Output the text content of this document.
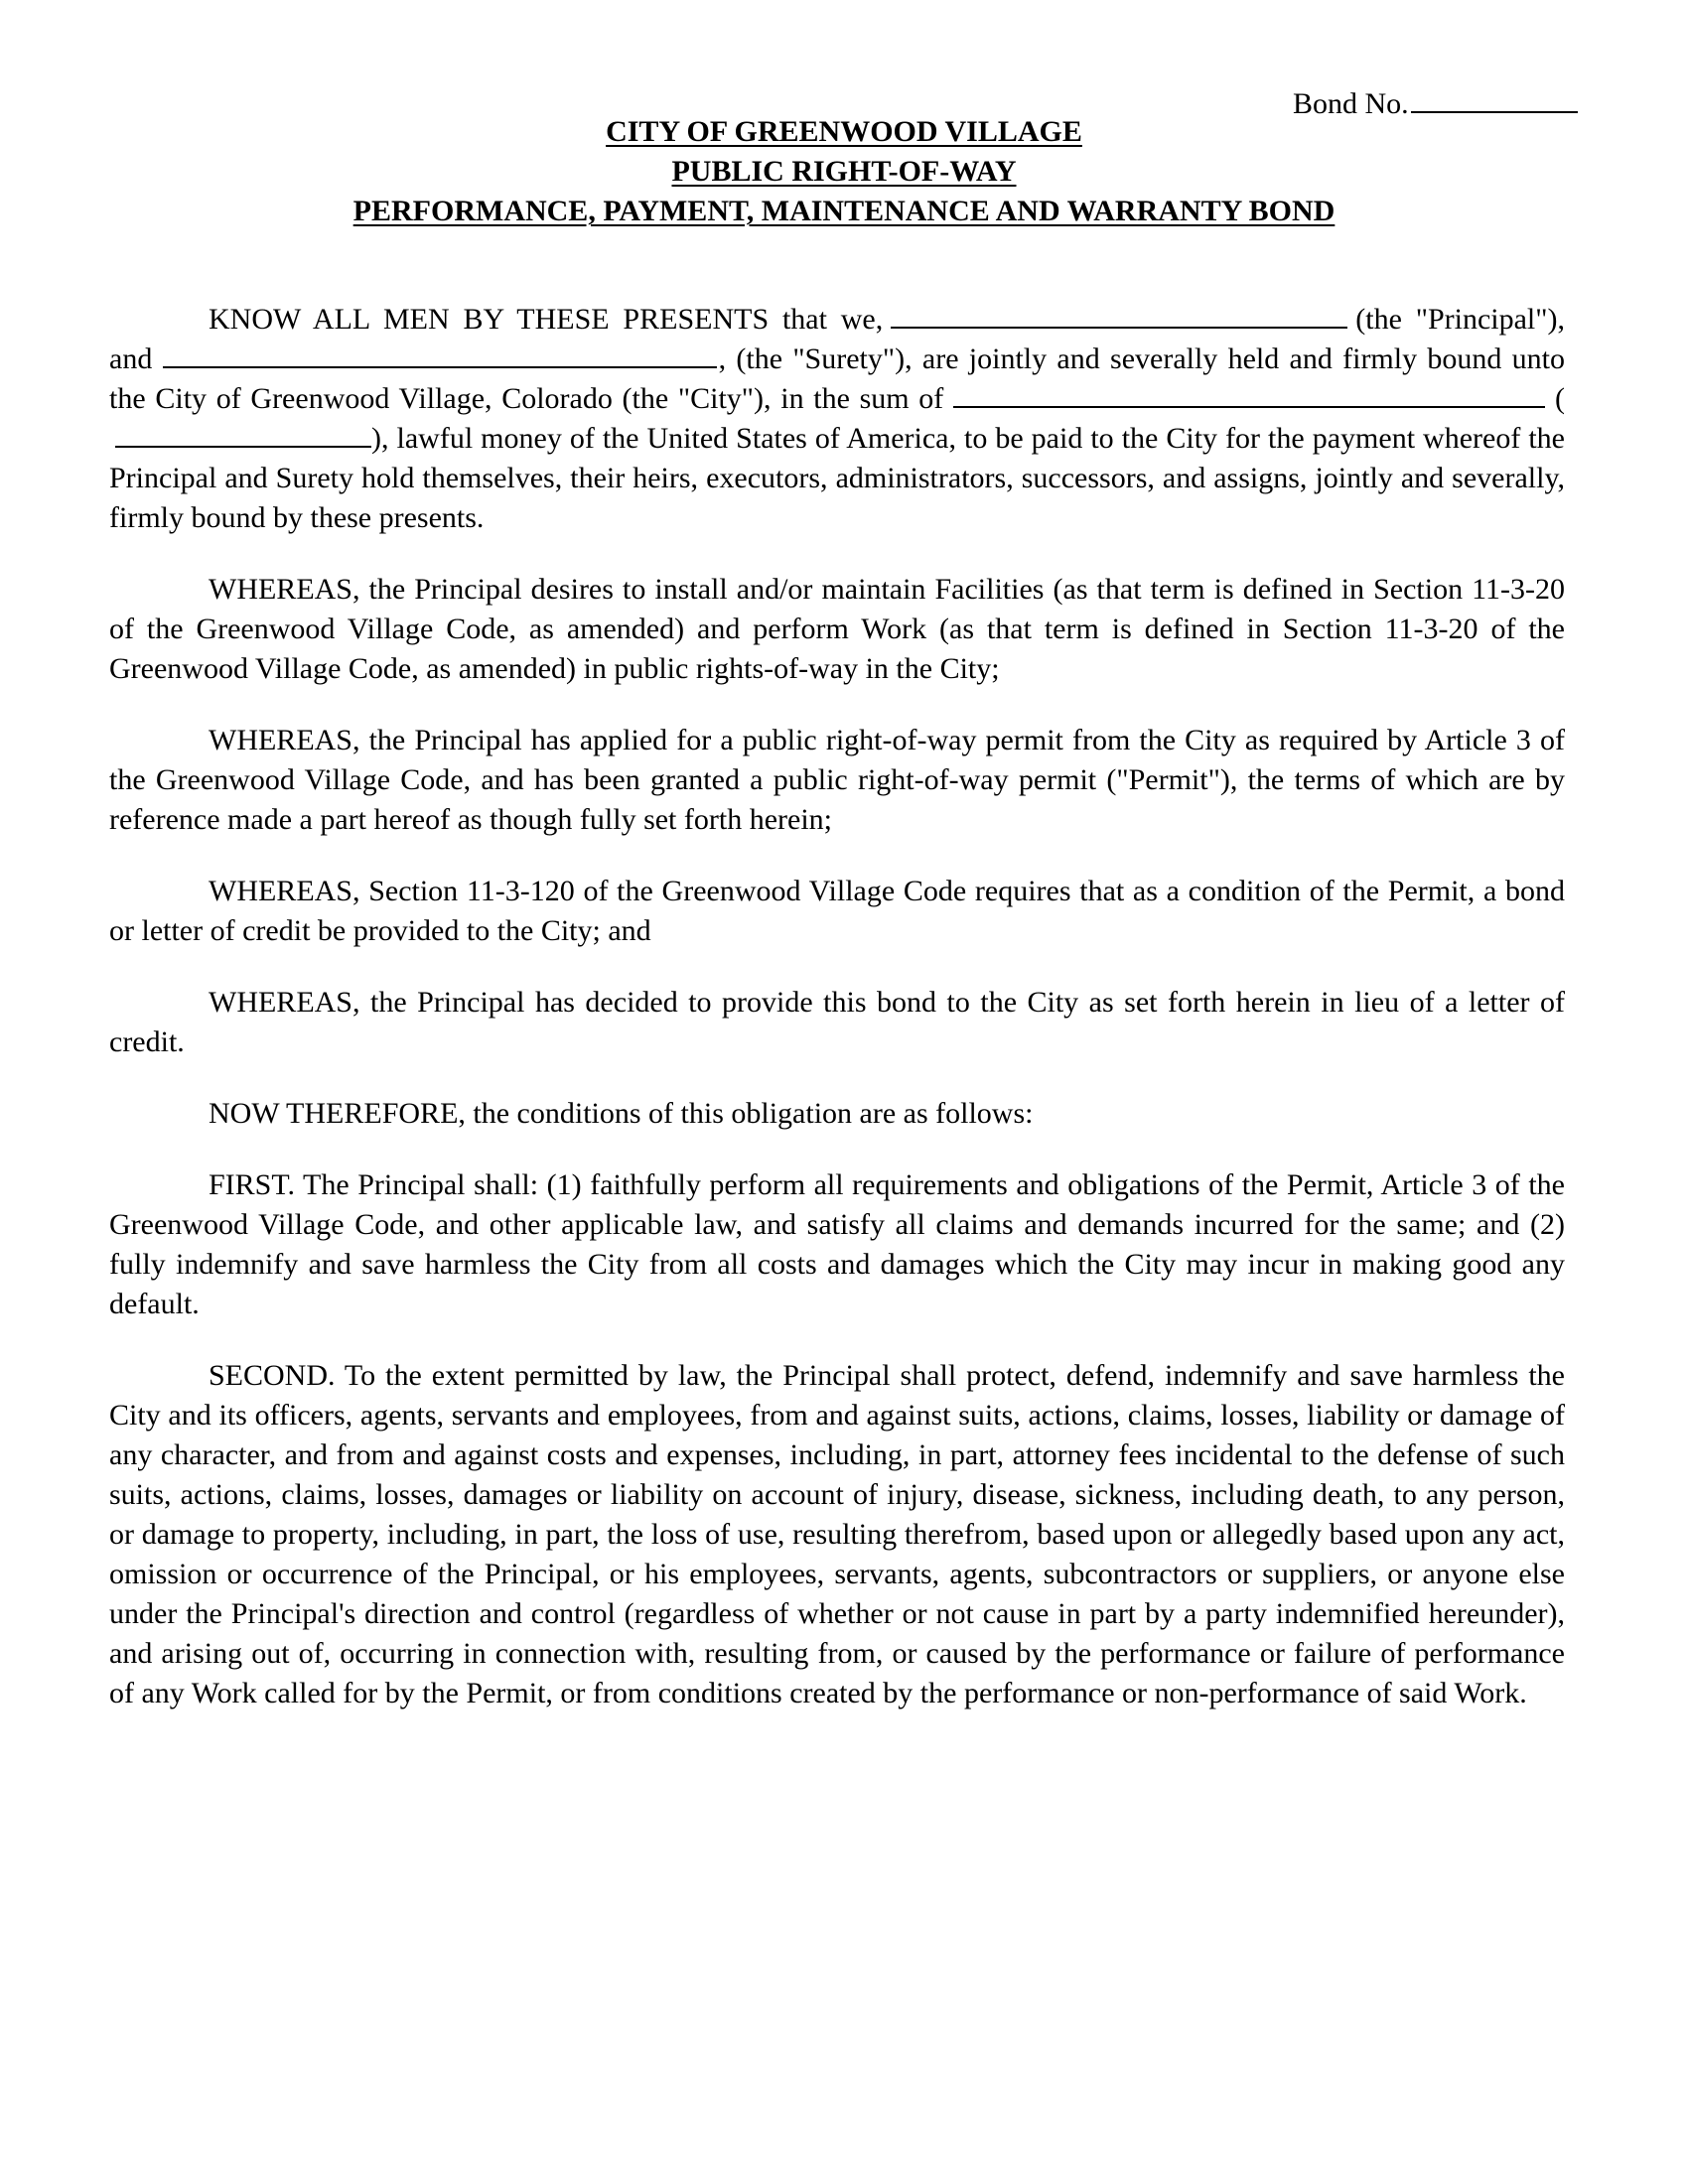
Bond No.
CITY OF GREENWOOD VILLAGE
PUBLIC RIGHT-OF-WAY
PERFORMANCE, PAYMENT, MAINTENANCE AND WARRANTY BOND

KNOW ALL MEN BY THESE PRESENTS that we,	(the "Principal"), and	, (the "Surety"), are jointly and severally held and firmly bound unto the City of Greenwood Village, Colorado (the "City"), in the sum of	(), lawful money of the United States of America, to be paid to the City for the payment whereof the Principal and Surety hold themselves, their heirs, executors, administrators, successors, and assigns, jointly and severally, firmly bound by these presents.

WHEREAS, the Principal desires to install and/or maintain Facilities (as that term is defined in Section 11-3-20 of the Greenwood Village Code, as amended) and perform Work (as that term is defined in Section 11-3-20 of the Greenwood Village Code, as amended) in public rights-of-way in the City;

WHEREAS, the Principal has applied for a public right-of-way permit from the City as required by Article 3 of the Greenwood Village Code, and has been granted a public right-of-way permit ("Permit"), the terms of which are by reference made a part hereof as though fully set forth herein;

WHEREAS, Section 11-3-120 of the Greenwood Village Code requires that as a condition of the Permit, a bond or letter of credit be provided to the City; and

WHEREAS, the Principal has decided to provide this bond to the City as set forth herein in lieu of a letter of credit.

NOW THEREFORE, the conditions of this obligation are as follows:

FIRST. The Principal shall: (1) faithfully perform all requirements and obligations of the Permit, Article 3 of the Greenwood Village Code, and other applicable law, and satisfy all claims and demands incurred for the same; and (2) fully indemnify and save harmless the City from all costs and damages which the City may incur in making good any default.

SECOND. To the extent permitted by law, the Principal shall protect, defend, indemnify and save harmless the City and its officers, agents, servants and employees, from and against suits, actions, claims, losses, liability or damage of any character, and from and against costs and expenses, including, in part, attorney fees incidental to the defense of such suits, actions, claims, losses, damages or liability on account of injury, disease, sickness, including death, to any person, or damage to property, including, in part, the loss of use, resulting therefrom, based upon or allegedly based upon any act, omission or occurrence of the Principal, or his employees, servants, agents, subcontractors or suppliers, or anyone else under the Principal's direction and control (regardless of whether or not cause in part by a party indemnified hereunder), and arising out of, occurring in connection with, resulting from, or caused by the performance or failure of performance of any Work called for by the Permit, or from conditions created by the performance or non-performance of said Work.
